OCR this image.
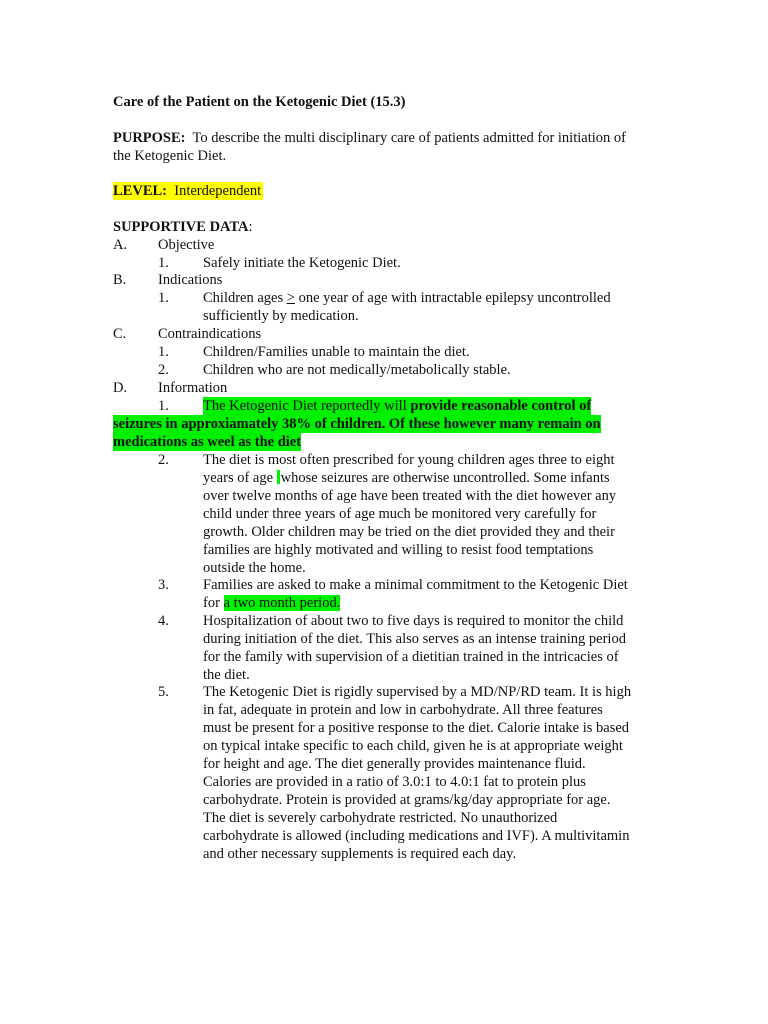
Care of the Patient on the Ketogenic Diet (15.3)
PURPOSE: To describe the multi disciplinary care of patients admitted for initiation of
the Ketogenic Diet.
LEVEL: Interdependent
SUPPORTIVE DATA:
A. Objective
1. Safely initiate the Ketogenic Diet.
B. Indications
1. Children ages > one year of age with intractable epilepsy uncontrolled
sufficiently by medication.
C. Contraindications
1. Children/Families unable to maintain the diet.
2. Children who are not medically/metabolically stable.
D. Information
1. The Ketogenic Diet reportedly will provide reasonable control of
seizures in approxiamately 38% of children. Of these however many remain on
medications as weel as the diet
2. The diet is most often prescribed for young children ages three to eight
years of age whose seizures are otherwise uncontrolled. Some infants
over twelve months of age have been treated with the diet however any
child under three years of age much be monitored very carefully for
growth. Older children may be tried on the diet provided they and their
families are highly motivated and willing to resist food temptations
outside the home.
3. Families are asked to make a minimal commitment to the Ketogenic Diet
for a two month period.
4. Hospitalization of about two to five days is required to monitor the child
during initiation of the diet. This also serves as an intense training period
for the family with supervision of a dietitian trained in the intricacies of
the diet.
5. The Ketogenic Diet is rigidly supervised by a MD/NP/RD team. It is high
in fat, adequate in protein and low in carbohydrate. All three features
must be present for a positive response to the diet. Calorie intake is based
on typical intake specific to each child, given he is at appropriate weight
for height and age. The diet generally provides maintenance fluid.
Calories are provided in a ratio of 3.0:1 to 4.0:1 fat to protein plus
carbohydrate. Protein is provided at grams/kg/day appropriate for age.
The diet is severely carbohydrate restricted. No unauthorized
carbohydrate is allowed (including medications and IVF). A multivitamin
and other necessary supplements is required each day.
